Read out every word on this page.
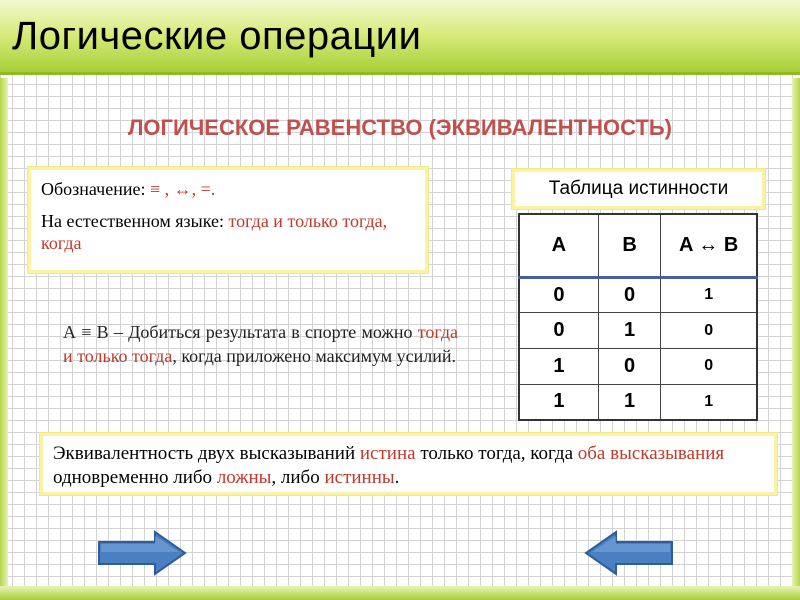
Логические операции
ЛОГИЧЕСКОЕ РАВЕНСТВО (ЭКВИВАЛЕНТНОСТЬ)

Обозначение: ≡ , ↔, =.

На естественном языке: тогда и только тогда, когда

Таблица истинности
A	B	A ↔ B
0	0	1
0	1	0
1	0	0
1	1	1
А ≡ В – Добиться результата в спорте можно тогда и только тогда, когда приложено максимум усилий.
Эквивалентность двух высказываний истина только тогда, когда оба высказывания одновременно либо ложны, либо истинны.
